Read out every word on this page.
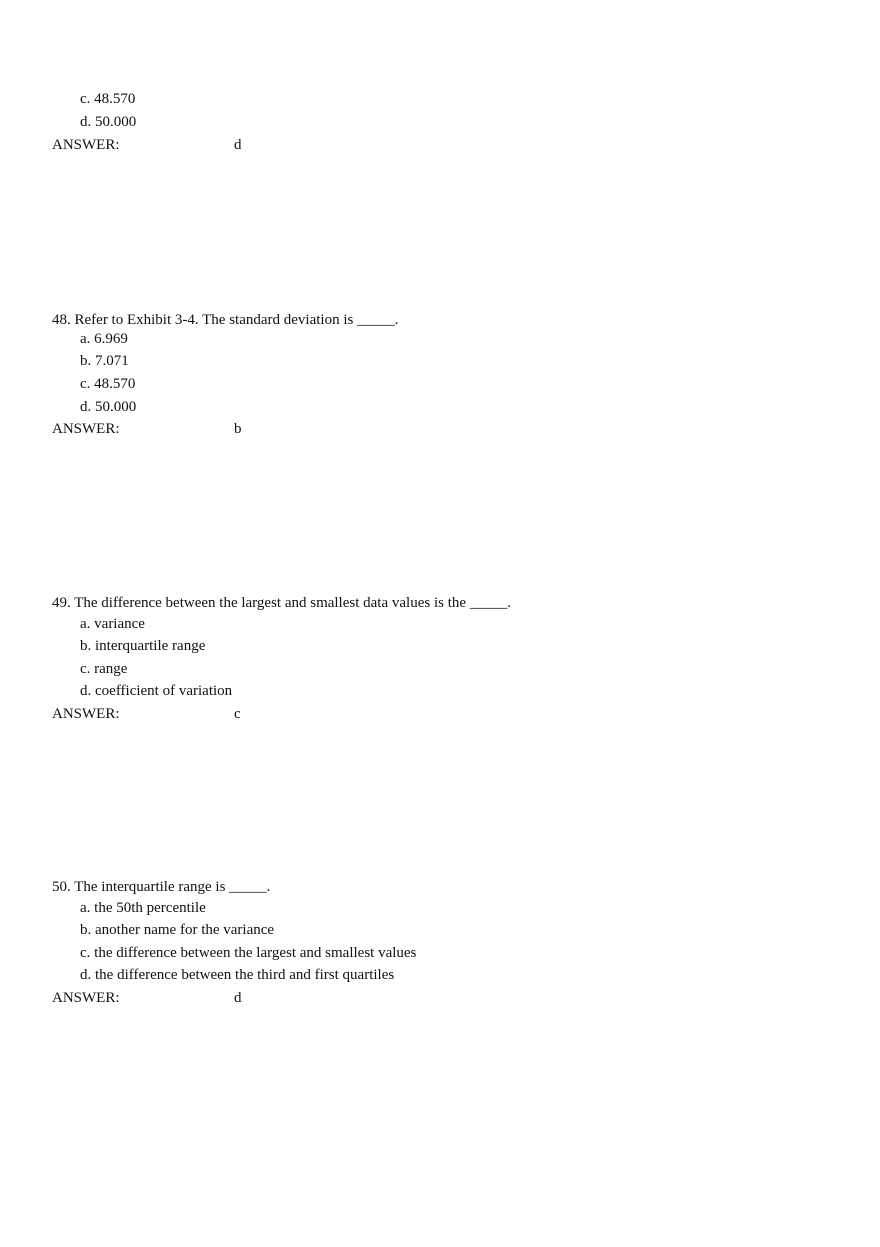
c. 48.570
d. 50.000
ANSWER:	d
48. Refer to Exhibit 3-4. The standard deviation is _____.
a. 6.969
b. 7.071
c. 48.570
d. 50.000
ANSWER:	b
49. The difference between the largest and smallest data values is the _____.
a. variance
b. interquartile range
c. range
d. coefficient of variation
ANSWER:	c
50. The interquartile range is _____.
a. the 50th percentile
b. another name for the variance
c. the difference between the largest and smallest values
d. the difference between the third and first quartiles
ANSWER:	d
